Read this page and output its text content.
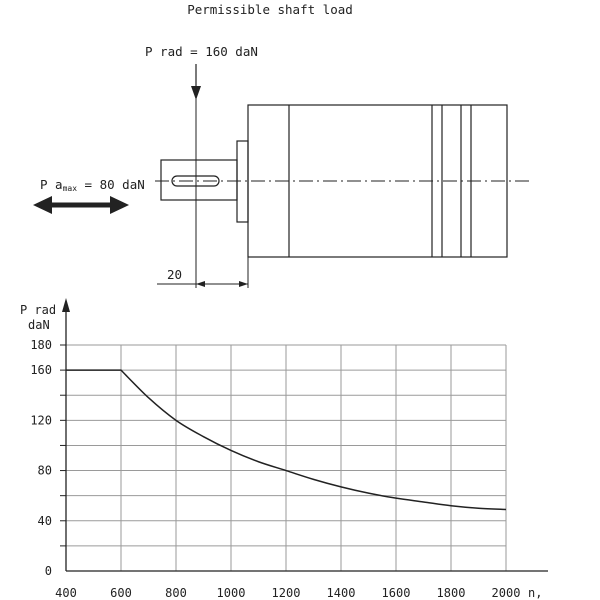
Permissible shaft load
P rad = 160 daN
P amax = 80 daN
20
0
40
80
120
160
180
400	600	800 1000 1200 1400 1600 1800 2000
P rad
daN
n,
